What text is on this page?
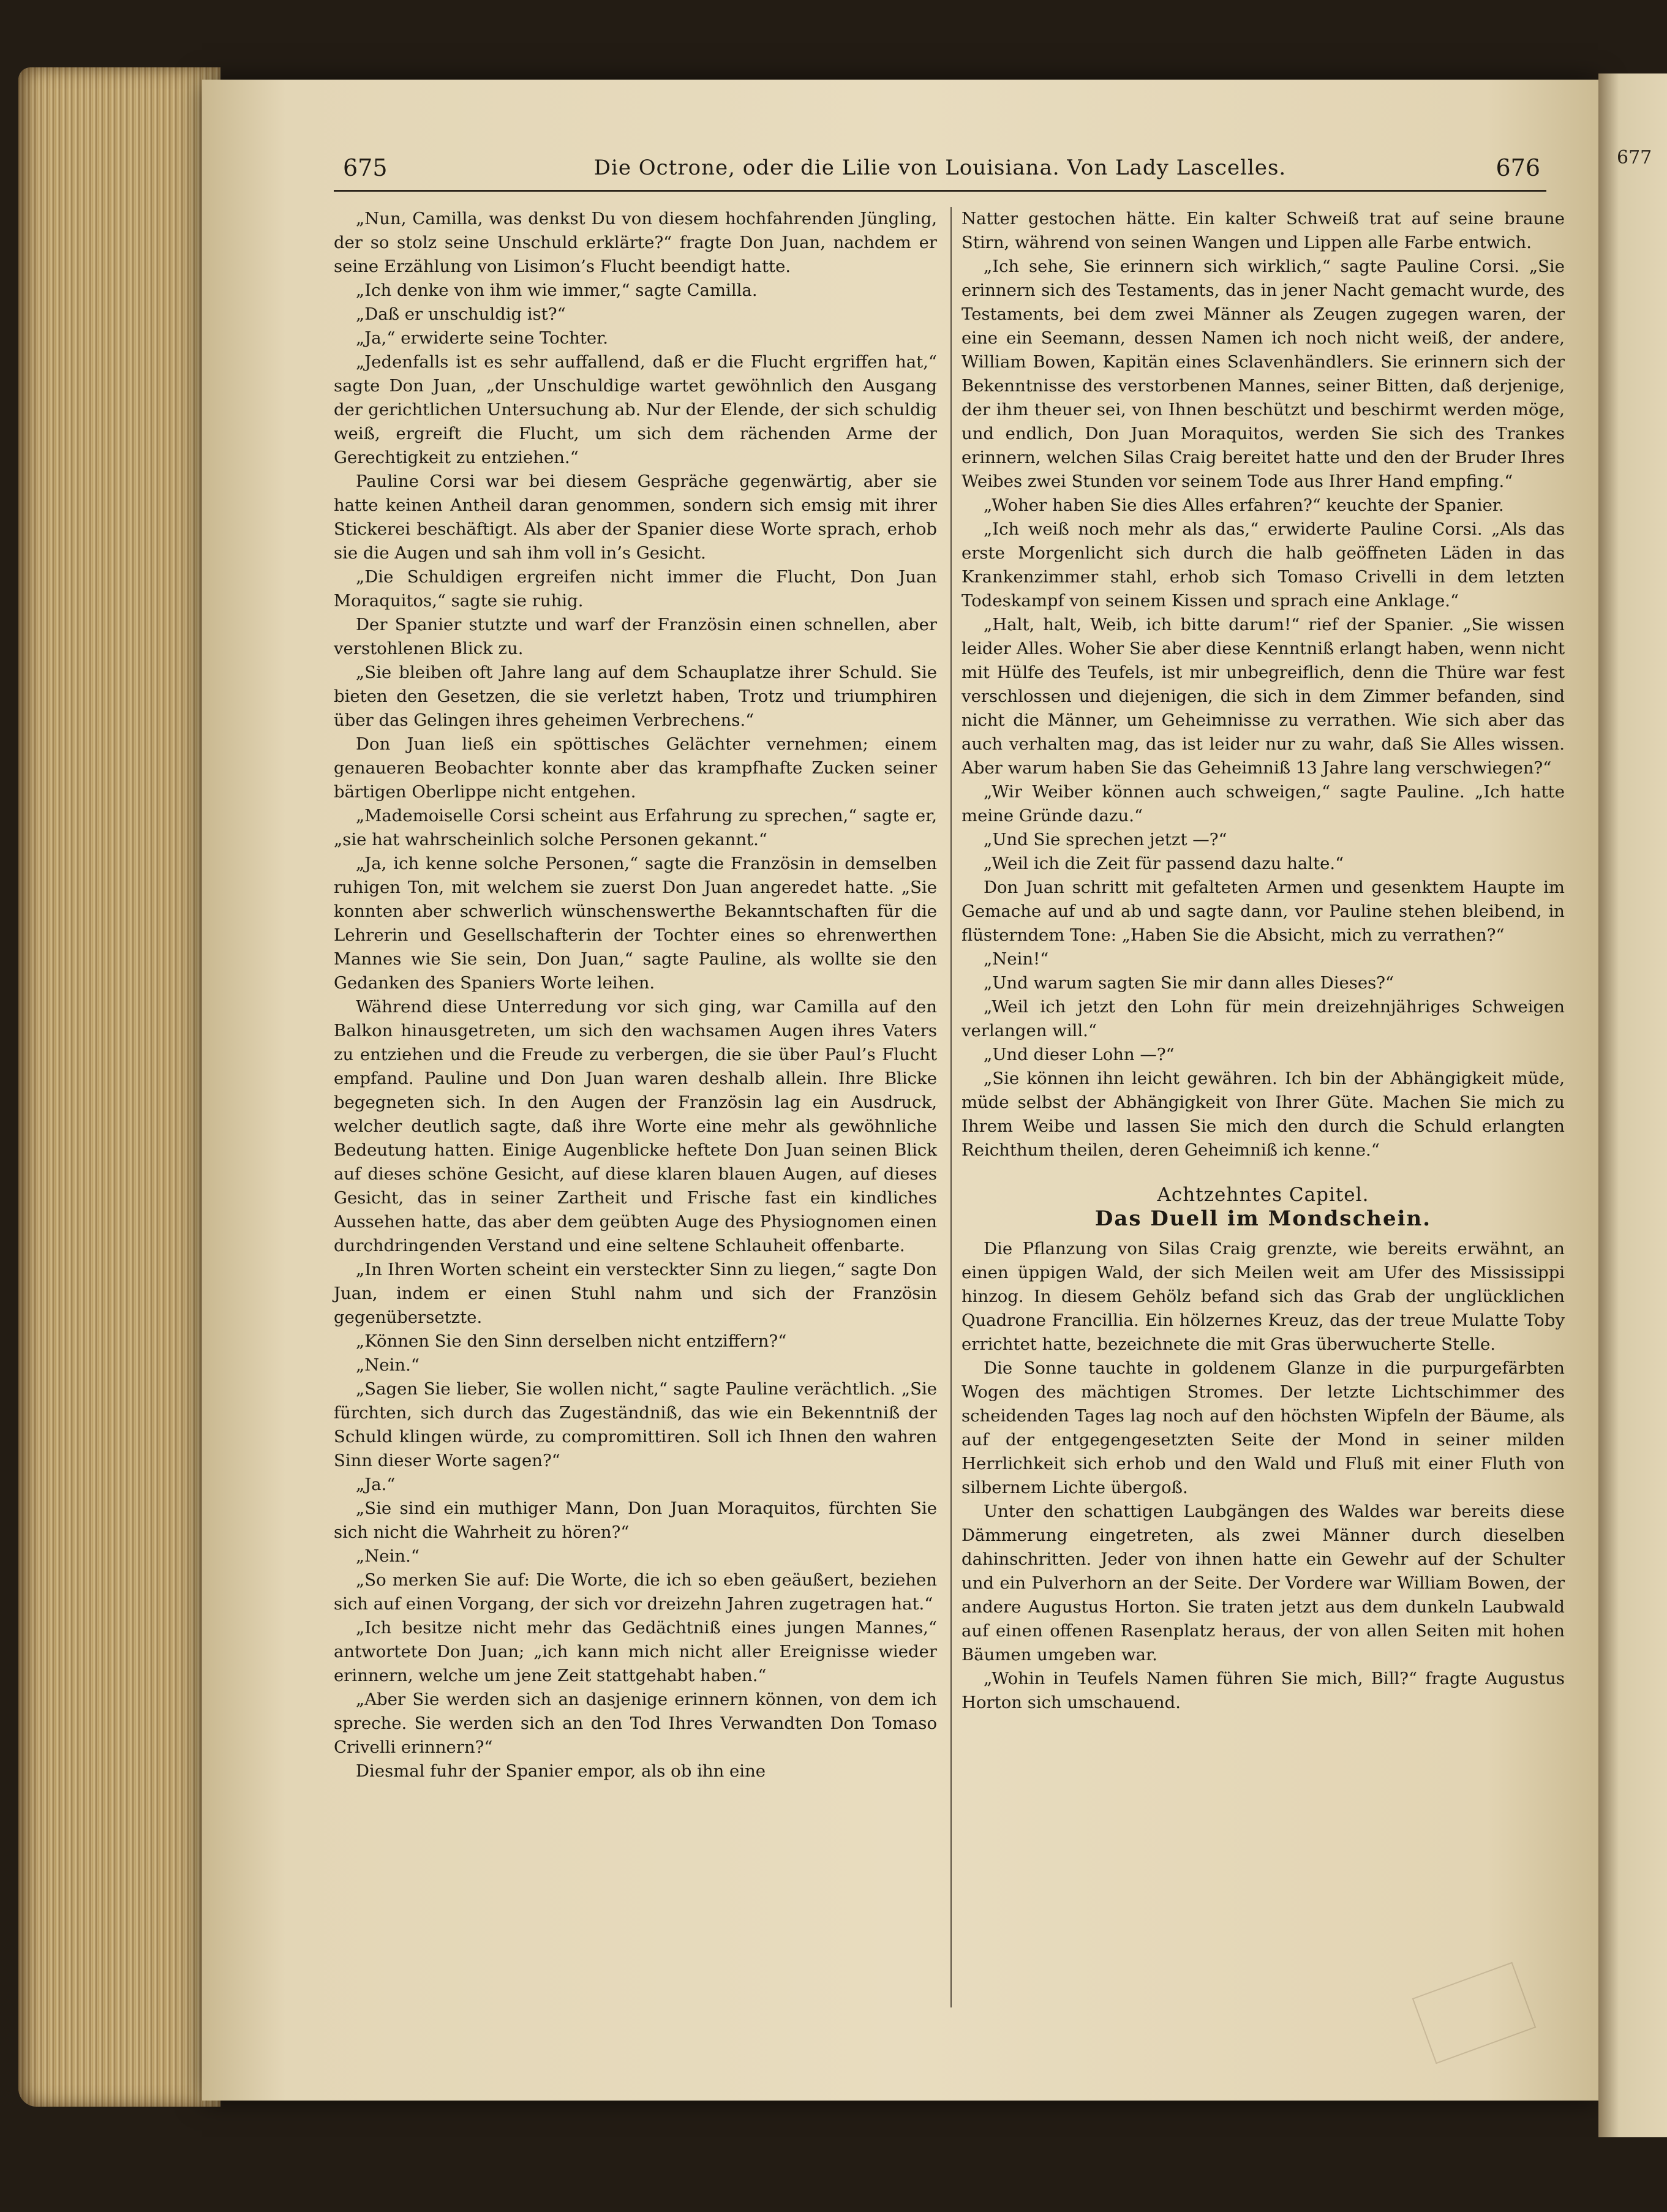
677
675	Die Octrone, oder die Lilie von Louisiana. Von Lady Lascelles.	676

„Nun, Camilla, was denkst Du von diesem hochfahrenden Jüngling, der so stolz seine Unschuld erklärte?“ fragte Don Juan, nachdem er seine Erzählung von Lisimon’s Flucht beendigt hatte.

„Ich denke von ihm wie immer,“ sagte Camilla.

„Daß er unschuldig ist?“

„Ja,“ erwiderte seine Tochter.

„Jedenfalls ist es sehr auffallend, daß er die Flucht ergriffen hat,“ sagte Don Juan, „der Unschuldige wartet gewöhnlich den Ausgang der gerichtlichen Untersuchung ab. Nur der Elende, der sich schuldig weiß, ergreift die Flucht, um sich dem rächenden Arme der Gerechtigkeit zu entziehen.“

Pauline Corsi war bei diesem Gespräche gegenwärtig, aber sie hatte keinen Antheil daran genommen, sondern sich emsig mit ihrer Stickerei beschäftigt. Als aber der Spanier diese Worte sprach, erhob sie die Augen und sah ihm voll in’s Gesicht.

„Die Schuldigen ergreifen nicht immer die Flucht, Don Juan Moraquitos,“ sagte sie ruhig.

Der Spanier stutzte und warf der Französin einen schnellen, aber verstohlenen Blick zu.

„Sie bleiben oft Jahre lang auf dem Schauplatze ihrer Schuld. Sie bieten den Gesetzen, die sie verletzt haben, Trotz und triumphiren über das Gelingen ihres geheimen Verbrechens.“

Don Juan ließ ein spöttisches Gelächter vernehmen; einem genaueren Beobachter konnte aber das krampfhafte Zucken seiner bärtigen Oberlippe nicht entgehen.

„Mademoiselle Corsi scheint aus Erfahrung zu sprechen,“ sagte er, „sie hat wahrscheinlich solche Personen gekannt.“

„Ja, ich kenne solche Personen,“ sagte die Französin in demselben ruhigen Ton, mit welchem sie zuerst Don Juan angeredet hatte. „Sie konnten aber schwerlich wünschenswerthe Bekanntschaften für die Lehrerin und Gesellschafterin der Tochter eines so ehrenwerthen Mannes wie Sie sein, Don Juan,“ sagte Pauline, als wollte sie den Gedanken des Spaniers Worte leihen.

Während diese Unterredung vor sich ging, war Camilla auf den Balkon hinausgetreten, um sich den wachsamen Augen ihres Vaters zu entziehen und die Freude zu verbergen, die sie über Paul’s Flucht empfand. Pauline und Don Juan waren deshalb allein. Ihre Blicke begegneten sich. In den Augen der Französin lag ein Ausdruck, welcher deutlich sagte, daß ihre Worte eine mehr als gewöhnliche Bedeutung hatten. Einige Augenblicke heftete Don Juan seinen Blick auf dieses schöne Gesicht, auf diese klaren blauen Augen, auf dieses Gesicht, das in seiner Zartheit und Frische fast ein kindliches Aussehen hatte, das aber dem geübten Auge des Physiognomen einen durchdringenden Verstand und eine seltene Schlauheit offenbarte.

„In Ihren Worten scheint ein versteckter Sinn zu liegen,“ sagte Don Juan, indem er einen Stuhl nahm und sich der Französin gegenübersetzte.

„Können Sie den Sinn derselben nicht entziffern?“

„Nein.“

„Sagen Sie lieber, Sie wollen nicht,“ sagte Pauline verächtlich. „Sie fürchten, sich durch das Zugeständniß, das wie ein Bekenntniß der Schuld klingen würde, zu compromittiren. Soll ich Ihnen den wahren Sinn dieser Worte sagen?“

„Ja.“

„Sie sind ein muthiger Mann, Don Juan Moraquitos, fürchten Sie sich nicht die Wahrheit zu hören?“

„Nein.“

„So merken Sie auf: Die Worte, die ich so eben geäußert, beziehen sich auf einen Vorgang, der sich vor dreizehn Jahren zugetragen hat.“

„Ich besitze nicht mehr das Gedächtniß eines jungen Mannes,“ antwortete Don Juan; „ich kann mich nicht aller Ereignisse wieder erinnern, welche um jene Zeit stattgehabt haben.“

„Aber Sie werden sich an dasjenige erinnern können, von dem ich spreche. Sie werden sich an den Tod Ihres Verwandten Don Tomaso Crivelli erinnern?“

Diesmal fuhr der Spanier empor, als ob ihn eine

Natter gestochen hätte. Ein kalter Schweiß trat auf seine braune Stirn, während von seinen Wangen und Lippen alle Farbe entwich.

„Ich sehe, Sie erinnern sich wirklich,“ sagte Pauline Corsi. „Sie erinnern sich des Testaments, das in jener Nacht gemacht wurde, des Testaments, bei dem zwei Männer als Zeugen zugegen waren, der eine ein Seemann, dessen Namen ich noch nicht weiß, der andere, William Bowen, Kapitän eines Sclavenhändlers. Sie erinnern sich der Bekenntnisse des verstorbenen Mannes, seiner Bitten, daß derjenige, der ihm theuer sei, von Ihnen beschützt und beschirmt werden möge, und endlich, Don Juan Moraquitos, werden Sie sich des Trankes erinnern, welchen Silas Craig bereitet hatte und den der Bruder Ihres Weibes zwei Stunden vor seinem Tode aus Ihrer Hand empfing.“

„Woher haben Sie dies Alles erfahren?“ keuchte der Spanier.

„Ich weiß noch mehr als das,“ erwiderte Pauline Corsi. „Als das erste Morgenlicht sich durch die halb geöffneten Läden in das Krankenzimmer stahl, erhob sich Tomaso Crivelli in dem letzten Todeskampf von seinem Kissen und sprach eine Anklage.“

„Halt, halt, Weib, ich bitte darum!“ rief der Spanier. „Sie wissen leider Alles. Woher Sie aber diese Kenntniß erlangt haben, wenn nicht mit Hülfe des Teufels, ist mir unbegreiflich, denn die Thüre war fest verschlossen und diejenigen, die sich in dem Zimmer befanden, sind nicht die Männer, um Geheimnisse zu verrathen. Wie sich aber das auch verhalten mag, das ist leider nur zu wahr, daß Sie Alles wissen. Aber warum haben Sie das Geheimniß 13 Jahre lang verschwiegen?“

„Wir Weiber können auch schweigen,“ sagte Pauline. „Ich hatte meine Gründe dazu.“

„Und Sie sprechen jetzt —?“

„Weil ich die Zeit für passend dazu halte.“

Don Juan schritt mit gefalteten Armen und gesenktem Haupte im Gemache auf und ab und sagte dann, vor Pauline stehen bleibend, in flüsterndem Tone: „Haben Sie die Absicht, mich zu verrathen?“

„Nein!“

„Und warum sagten Sie mir dann alles Dieses?“

„Weil ich jetzt den Lohn für mein dreizehnjähriges Schweigen verlangen will.“

„Und dieser Lohn —?“

„Sie können ihn leicht gewähren. Ich bin der Abhängigkeit müde, müde selbst der Abhängigkeit von Ihrer Güte. Machen Sie mich zu Ihrem Weibe und lassen Sie mich den durch die Schuld erlangten Reichthum theilen, deren Geheimniß ich kenne.“

Achtzehntes Capitel.
Das Duell im Mondschein.

Die Pflanzung von Silas Craig grenzte, wie bereits erwähnt, an einen üppigen Wald, der sich Meilen weit am Ufer des Mississippi hinzog. In diesem Gehölz befand sich das Grab der unglücklichen Quadrone Francillia. Ein hölzernes Kreuz, das der treue Mulatte Toby errichtet hatte, bezeichnete die mit Gras überwucherte Stelle.

Die Sonne tauchte in goldenem Glanze in die purpurgefärbten Wogen des mächtigen Stromes. Der letzte Lichtschimmer des scheidenden Tages lag noch auf den höchsten Wipfeln der Bäume, als auf der entgegengesetzten Seite der Mond in seiner milden Herrlichkeit sich erhob und den Wald und Fluß mit einer Fluth von silbernem Lichte übergoß.

Unter den schattigen Laubgängen des Waldes war bereits diese Dämmerung eingetreten, als zwei Männer durch dieselben dahinschritten. Jeder von ihnen hatte ein Gewehr auf der Schulter und ein Pulverhorn an der Seite. Der Vordere war William Bowen, der andere Augustus Horton. Sie traten jetzt aus dem dunkeln Laubwald auf einen offenen Rasenplatz heraus, der von allen Seiten mit hohen Bäumen umgeben war.

„Wohin in Teufels Namen führen Sie mich, Bill?“ fragte Augustus Horton sich umschauend.
